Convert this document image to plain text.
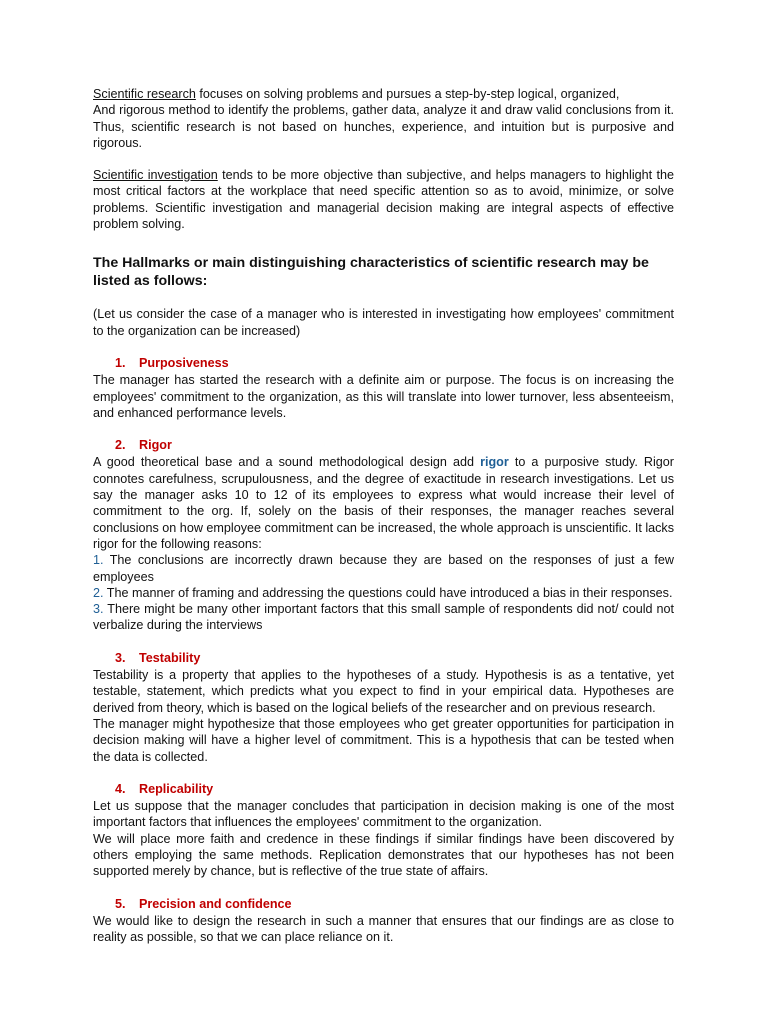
Scientific research focuses on solving problems and pursues a step-by-step logical, organized,
And rigorous method to identify the problems, gather data, analyze it and draw valid conclusions from it. Thus, scientific research is not based on hunches, experience, and intuition but is purposive and rigorous.

Scientific investigation tends to be more objective than subjective, and helps managers to highlight the most critical factors at the workplace that need specific attention so as to avoid, minimize, or solve problems. Scientific investigation and managerial decision making are integral aspects of effective problem solving.

The Hallmarks or main distinguishing characteristics of scientific research may be listed as follows:

(Let us consider the case of a manager who is interested in investigating how employees' commitment to the organization can be increased)

1. Purposiveness

The manager has started the research with a definite aim or purpose. The focus is on increasing the employees' commitment to the organization, as this will translate into lower turnover, less absenteeism, and enhanced performance levels.

2. Rigor

A good theoretical base and a sound methodological design add rigor to a purposive study. Rigor connotes carefulness, scrupulousness, and the degree of exactitude in research investigations. Let us say the manager asks 10 to 12 of its employees to express what would increase their level of commitment to the org. If, solely on the basis of their responses, the manager reaches several conclusions on how employee commitment can be increased, the whole approach is unscientific. It lacks rigor for the following reasons:

1. The conclusions are incorrectly drawn because they are based on the responses of just a few employees

2. The manner of framing and addressing the questions could have introduced a bias in their responses.

3. There might be many other important factors that this small sample of respondents did not/ could not verbalize during the interviews

3. Testability

Testability is a property that applies to the hypotheses of a study. Hypothesis is as a tentative, yet testable, statement, which predicts what you expect to find in your empirical data. Hypotheses are derived from theory, which is based on the logical beliefs of the researcher and on previous research.

The manager might hypothesize that those employees who get greater opportunities for participation in decision making will have a higher level of commitment. This is a hypothesis that can be tested when the data is collected.

4. Replicability

Let us suppose that the manager concludes that participation in decision making is one of the most important factors that influences the employees' commitment to the organization.

We will place more faith and credence in these findings if similar findings have been discovered by others employing the same methods. Replication demonstrates that our hypotheses has not been supported merely by chance, but is reflective of the true state of affairs.

5. Precision and confidence

We would like to design the research in such a manner that ensures that our findings are as close to reality as possible, so that we can place reliance on it.
